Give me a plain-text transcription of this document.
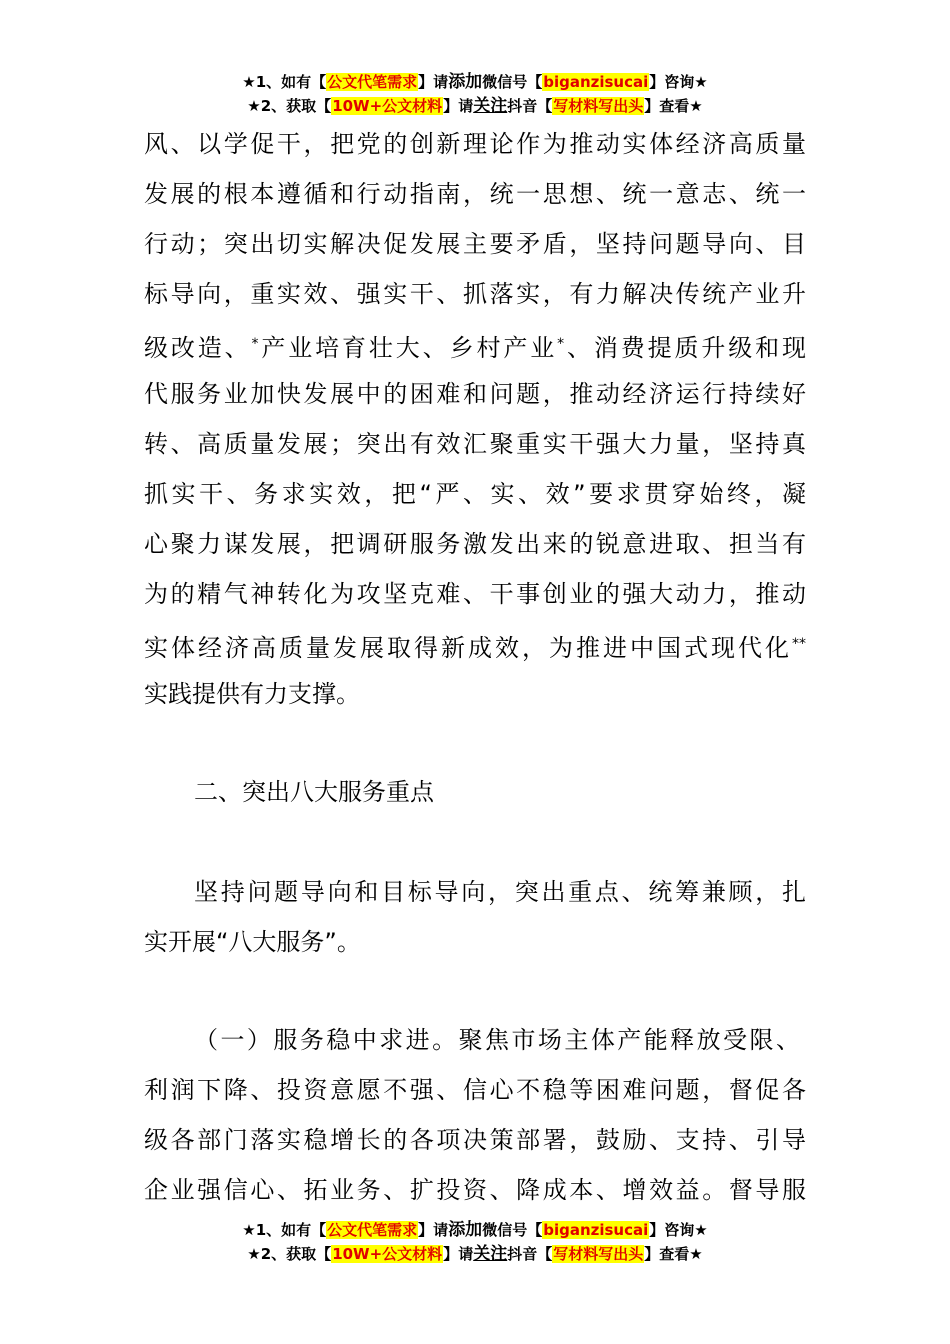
★1、如有【公文代笔需求】请添加微信号【biganzisucai】咨询★
★2、获取【10W+公文材料】请关注抖音【写材料写出头】查看★
风、以学促干，把党的创新理论作为推动实体经济高质量
发展的根本遵循和行动指南，统一思想、统一意志、统一
行动；突出切实解决促发展主要矛盾，坚持问题导向、目
标导向，重实效、强实干、抓落实，有力解决传统产业升
级改造、*产业培育壮大、乡村产业*、消费提质升级和现
代服务业加快发展中的困难和问题，推动经济运行持续好
转、高质量发展；突出有效汇聚重实干强大力量，坚持真
抓实干、务求实效，把“严、实、效”要求贯穿始终，凝
心聚力谋发展，把调研服务激发出来的锐意进取、担当有
为的精气神转化为攻坚克难、干事创业的强大动力，推动
实体经济高质量发展取得新成效，为推进中国式现代化**
实践提供有力支撑。
二、突出八大服务重点
坚持问题导向和目标导向，突出重点、统筹兼顾，扎
实开展“八大服务”。
（一）服务稳中求进。聚焦市场主体产能释放受限、
利润下降、投资意愿不强、信心不稳等困难问题，督促各
级各部门落实稳增长的各项决策部署，鼓励、支持、引导
企业强信心、拓业务、扩投资、降成本、增效益。督导服
★1、如有【公文代笔需求】请添加微信号【biganzisucai】咨询★
★2、获取【10W+公文材料】请关注抖音【写材料写出头】查看★
